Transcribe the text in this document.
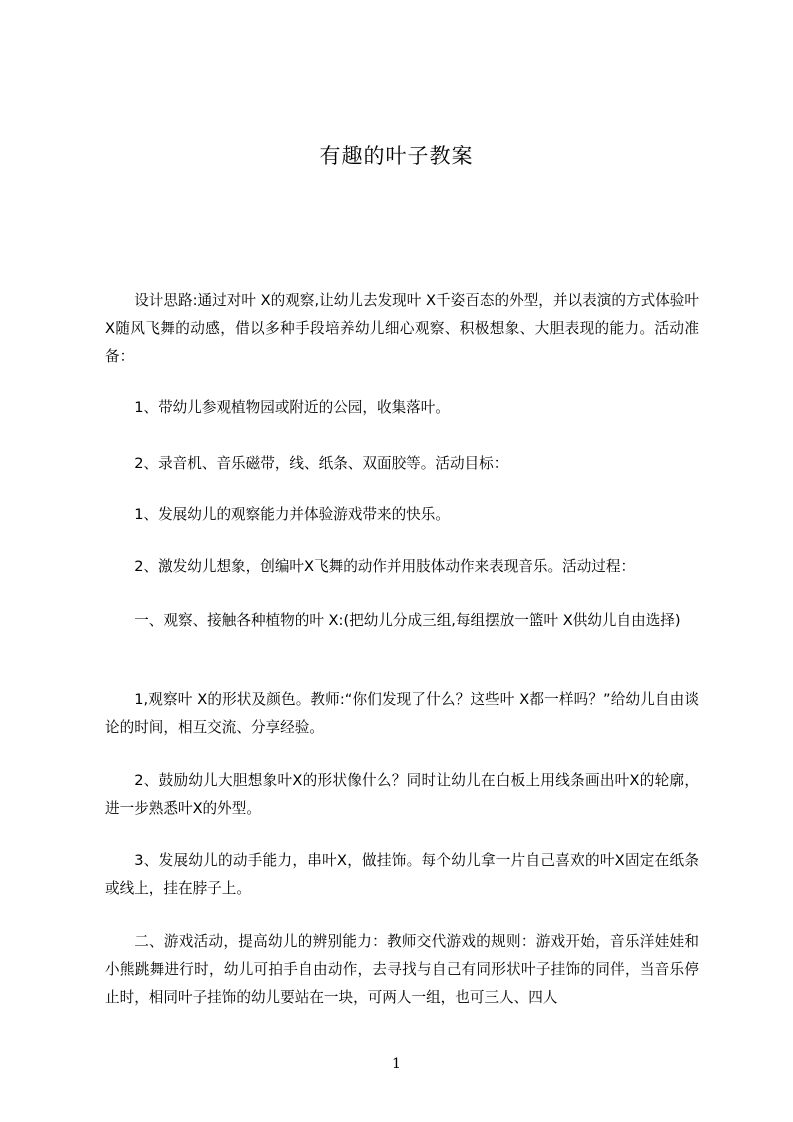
有趣的叶子教案

设计思路:通过对叶 X的观察,让幼儿去发现叶 X千姿百态的外型，并以表演的方式体验叶X随风飞舞的动感，借以多种手段培养幼儿细心观察、积极想象、大胆表现的能力。活动准备：

1、带幼儿参观植物园或附近的公园，收集落叶。

2、录音机、音乐磁带，线、纸条、双面胶等。活动目标：

1、发展幼儿的观察能力并体验游戏带来的快乐。

2、激发幼儿想象，创编叶X飞舞的动作并用肢体动作来表现音乐。活动过程：

一、观察、接触各种植物的叶 X:(把幼儿分成三组,每组摆放一篮叶 X供幼儿自由选择)

1,观察叶 X的形状及颜色。教师:“你们发现了什么？这些叶 X都一样吗？”给幼儿自由谈论的时间，相互交流、分享经验。

2、鼓励幼儿大胆想象叶X的形状像什么？同时让幼儿在白板上用线条画出叶X的轮廓，进一步熟悉叶X的外型。

3、发展幼儿的动手能力，串叶X，做挂饰。每个幼儿拿一片自己喜欢的叶X固定在纸条或线上，挂在脖子上。

二、游戏活动，提高幼儿的辨别能力：教师交代游戏的规则：游戏开始，音乐洋娃娃和小熊跳舞进行时，幼儿可拍手自由动作，去寻找与自己有同形状叶子挂饰的同伴，当音乐停止时，相同叶子挂饰的幼儿要站在一块，可两人一组，也可三人、四人

1
